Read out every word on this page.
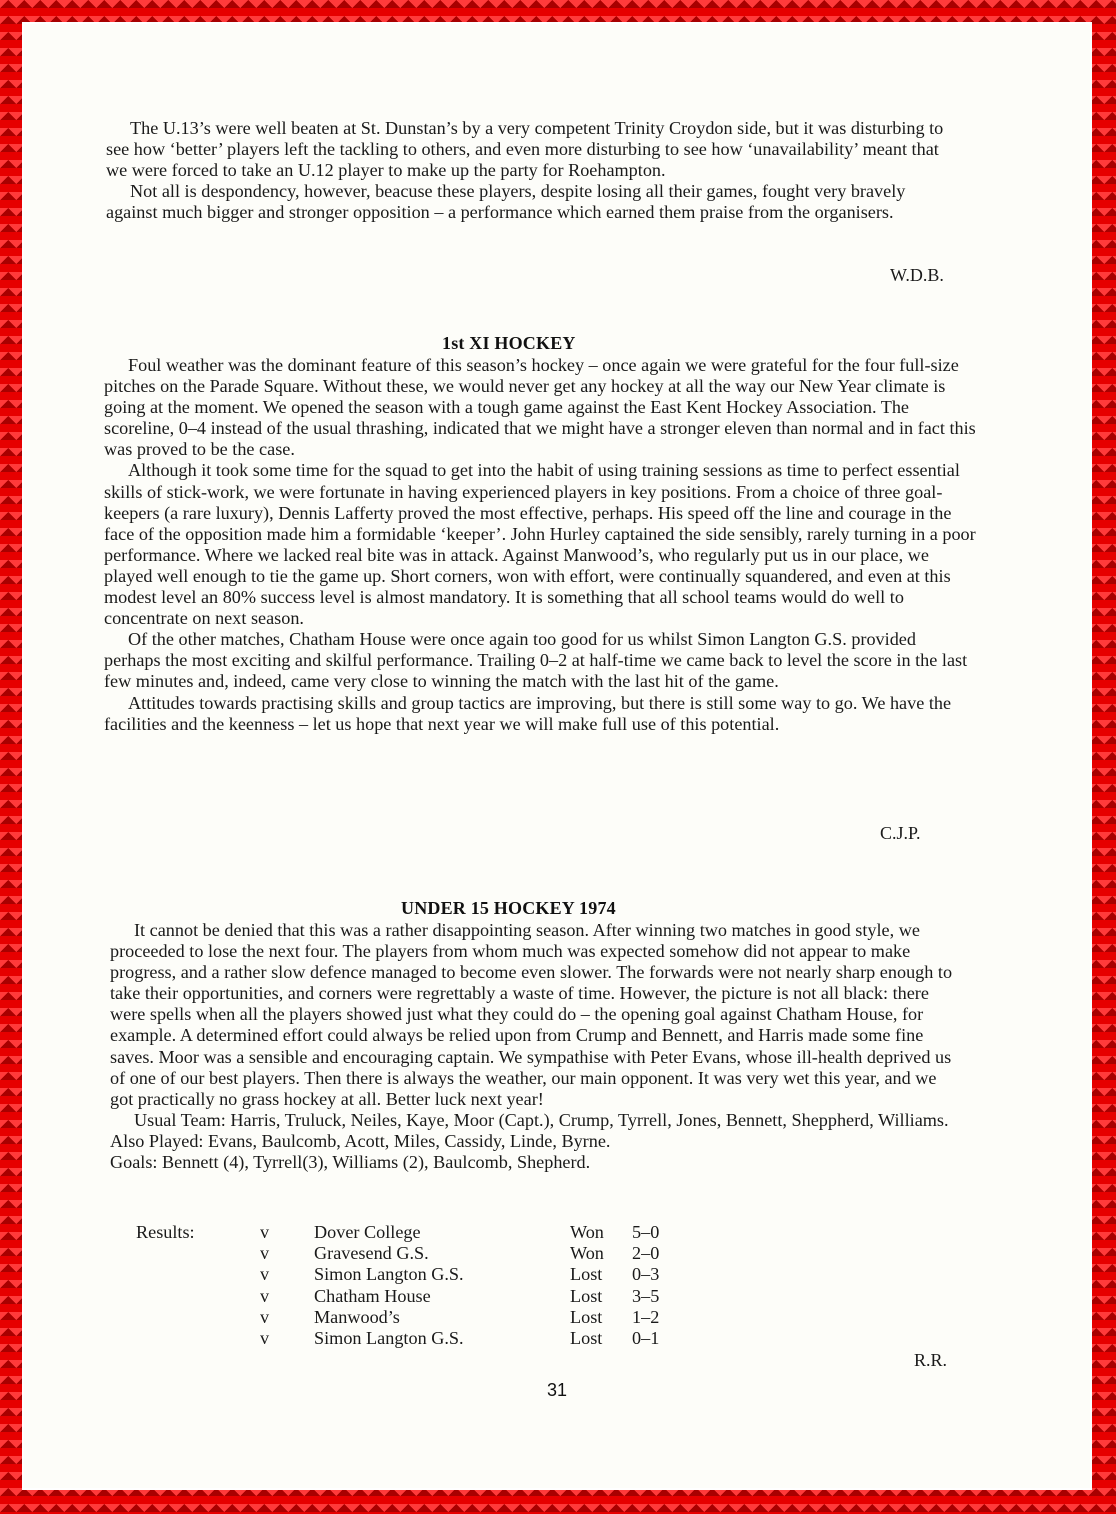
The U.13’s were well beaten at St. Dunstan’s by a very competent Trinity Croydon side, but it was disturbing to see how ‘better’ players left the tackling to others, and even more disturbing to see how ‘unavailability’ meant that we were forced to take an U.12 player to make up the party for Roehampton.

Not all is despondency, however, beacuse these players, despite losing all their games, fought very bravely against much bigger and stronger opposition – a performance which earned them praise from the organisers.

W.D.B.
1st XI HOCKEY

Foul weather was the dominant feature of this season’s hockey – once again we were grateful for the four full-size pitches on the Parade Square. Without these, we would never get any hockey at all the way our New Year climate is going at the moment. We opened the season with a tough game against the East Kent Hockey Association. The scoreline, 0–4 instead of the usual thrashing, indicated that we might have a stronger eleven than normal and in fact this was proved to be the case.

Although it took some time for the squad to get into the habit of using training sessions as time to perfect essential skills of stick-work, we were fortunate in having experienced players in key positions. From a choice of three goal-keepers (a rare luxury), Dennis Lafferty proved the most effective, perhaps. His speed off the line and courage in the face of the opposition made him a formidable ‘keeper’. John Hurley captained the side sensibly, rarely turning in a poor performance. Where we lacked real bite was in attack. Against Manwood’s, who regularly put us in our place, we played well enough to tie the game up. Short corners, won with effort, were continually squandered, and even at this modest level an 80% success level is almost mandatory. It is something that all school teams would do well to concentrate on next season.

Of the other matches, Chatham House were once again too good for us whilst Simon Langton G.S. provided perhaps the most exciting and skilful performance. Trailing 0–2 at half-time we came back to level the score in the last few minutes and, indeed, came very close to winning the match with the last hit of the game.

Attitudes towards practising skills and group tactics are improving, but there is still some way to go. We have the facilities and the keenness – let us hope that next year we will make full use of this potential.

C.J.P.
UNDER 15 HOCKEY 1974

It cannot be denied that this was a rather disappointing season. After winning two matches in good style, we proceeded to lose the next four. The players from whom much was expected somehow did not appear to make progress, and a rather slow defence managed to become even slower. The forwards were not nearly sharp enough to take their opportunities, and corners were regrettably a waste of time. However, the picture is not all black: there were spells when all the players showed just what they could do – the opening goal against Chatham House, for example. A determined effort could always be relied upon from Crump and Bennett, and Harris made some fine saves. Moor was a sensible and encouraging captain. We sympathise with Peter Evans, whose ill-health deprived us of one of our best players. Then there is always the weather, our main opponent. It was very wet this year, and we got practically no grass hockey at all. Better luck next year!

Usual Team: Harris, Truluck, Neiles, Kaye, Moor (Capt.), Crump, Tyrrell, Jones, Bennett, Sheppherd, Williams. Also Played: Evans, Baulcomb, Acott, Miles, Cassidy, Linde, Byrne.

Goals: Bennett (4), Tyrrell(3), Williams (2), Baulcomb, Shepherd.

Results:	v	Dover College	Won	5–0
	v	Gravesend G.S.	Won	2–0
	v	Simon Langton G.S.	Lost	0–3
	v	Chatham House	Lost	3–5
	v	Manwood’s	Lost	1–2
	v	Simon Langton G.S.	Lost	0–1
R.R.
31
